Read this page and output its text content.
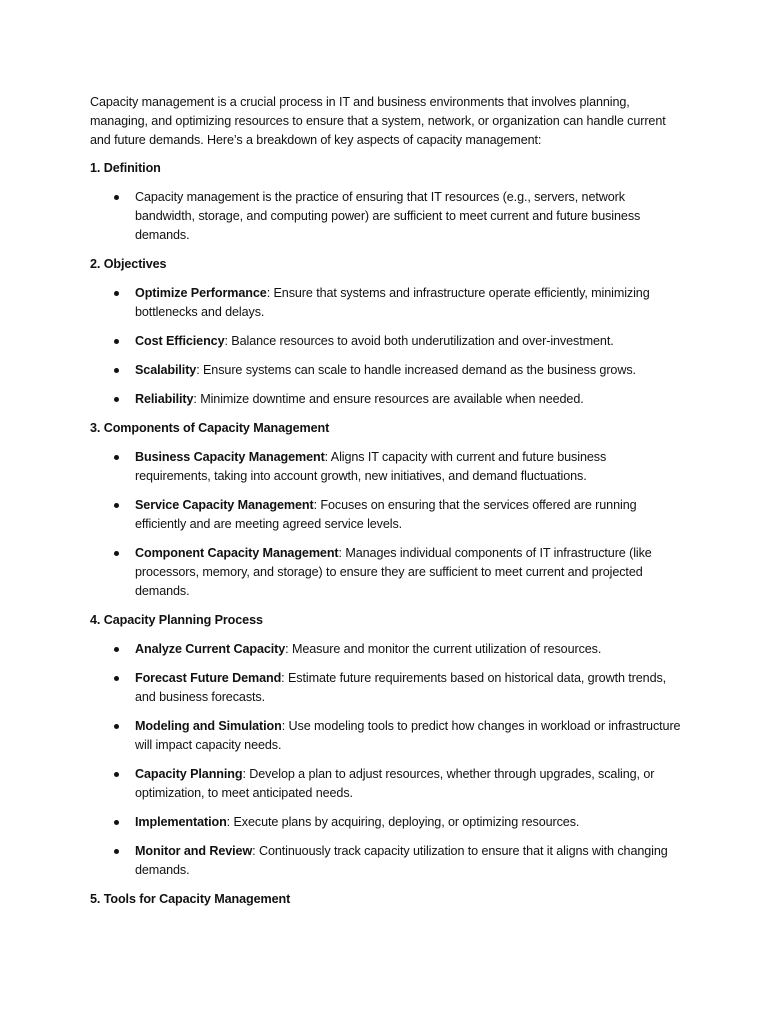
Capacity management is a crucial process in IT and business environments that involves planning, managing, and optimizing resources to ensure that a system, network, or organization can handle current and future demands. Here’s a breakdown of key aspects of capacity management:

1. Definition
Capacity management is the practice of ensuring that IT resources (e.g., servers, network bandwidth, storage, and computing power) are sufficient to meet current and future business demands.
2. Objectives
Optimize Performance: Ensure that systems and infrastructure operate efficiently, minimizing bottlenecks and delays.
Cost Efficiency: Balance resources to avoid both underutilization and over-investment.
Scalability: Ensure systems can scale to handle increased demand as the business grows.
Reliability: Minimize downtime and ensure resources are available when needed.
3. Components of Capacity Management
Business Capacity Management: Aligns IT capacity with current and future business requirements, taking into account growth, new initiatives, and demand fluctuations.
Service Capacity Management: Focuses on ensuring that the services offered are running efficiently and are meeting agreed service levels.
Component Capacity Management: Manages individual components of IT infrastructure (like processors, memory, and storage) to ensure they are sufficient to meet current and projected demands.
4. Capacity Planning Process
Analyze Current Capacity: Measure and monitor the current utilization of resources.
Forecast Future Demand: Estimate future requirements based on historical data, growth trends, and business forecasts.
Modeling and Simulation: Use modeling tools to predict how changes in workload or infrastructure will impact capacity needs.
Capacity Planning: Develop a plan to adjust resources, whether through upgrades, scaling, or optimization, to meet anticipated needs.
Implementation: Execute plans by acquiring, deploying, or optimizing resources.
Monitor and Review: Continuously track capacity utilization to ensure that it aligns with changing demands.
5. Tools for Capacity Management
